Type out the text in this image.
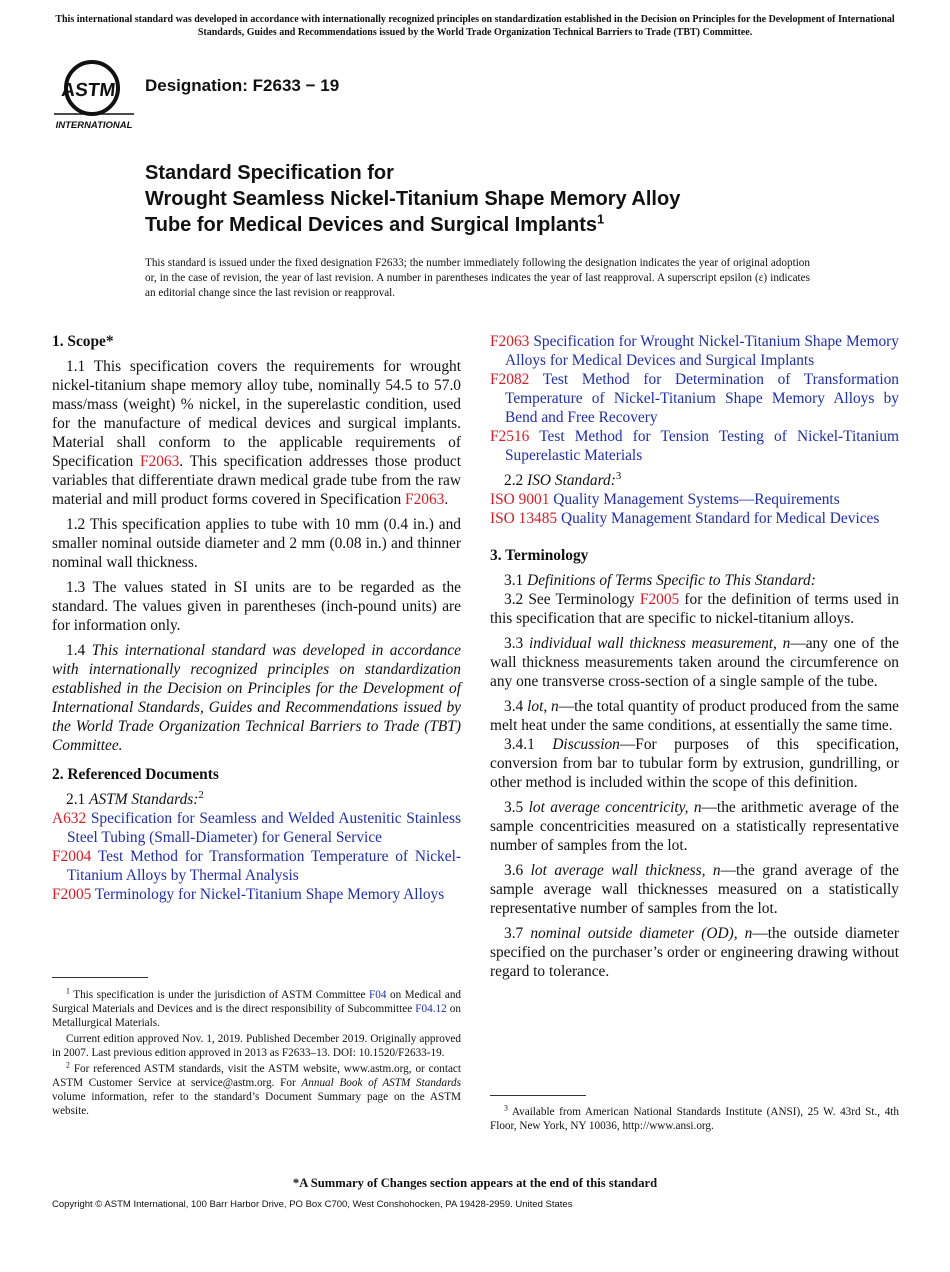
This international standard was developed in accordance with internationally recognized principles on standardization established in the Decision on Principles for the Development of International Standards, Guides and Recommendations issued by the World Trade Organization Technical Barriers to Trade (TBT) Committee.
ASTM
INTERNATIONAL
Designation: F2633 − 19
Standard Specification for
Wrought Seamless Nickel-Titanium Shape Memory Alloy
Tube for Medical Devices and Surgical Implants$^1$
This standard is issued under the fixed designation F2633; the number immediately following the designation indicates the year of original adoption or, in the case of revision, the year of last revision. A number in parentheses indicates the year of last reapproval. A superscript epsilon (ε) indicates an editorial change since the last revision or reapproval.
1. Scope*

1.1 This specification covers the requirements for wrought nickel-titanium shape memory alloy tube, nominally 54.5 to 57.0 mass/mass (weight) % nickel, in the superelastic condition, used for the manufacture of medical devices and surgical implants. Material shall conform to the applicable requirements of Specification F2063. This specification addresses those product variables that differentiate drawn medical grade tube from the raw material and mill product forms covered in Specification F2063.

1.2 This specification applies to tube with 10 mm (0.4 in.) and smaller nominal outside diameter and 2 mm (0.08 in.) and thinner nominal wall thickness.

1.3 The values stated in SI units are to be regarded as the standard. The values given in parentheses (inch-pound units) are for information only.

1.4 This international standard was developed in accordance with internationally recognized principles on standardization established in the Decision on Principles for the Development of International Standards, Guides and Recommendations issued by the World Trade Organization Technical Barriers to Trade (TBT) Committee.

2. Referenced Documents

2.1 ASTM Standards:$^2$

A632 Specification for Seamless and Welded Austenitic Stainless Steel Tubing (Small-Diameter) for General Service
F2004 Test Method for Transformation Temperature of Nickel-Titanium Alloys by Thermal Analysis
F2005 Terminology for Nickel-Titanium Shape Memory Alloys

$^1$ This specification is under the jurisdiction of ASTM Committee F04 on Medical and Surgical Materials and Devices and is the direct responsibility of Subcommittee F04.12 on Metallurgical Materials.

Current edition approved Nov. 1, 2019. Published December 2019. Originally approved in 2007. Last previous edition approved in 2013 as F2633–13. DOI: 10.1520/F2633-19.

$^2$ For referenced ASTM standards, visit the ASTM website, www.astm.org, or contact ASTM Customer Service at service@astm.org. For Annual Book of ASTM Standards volume information, refer to the standard’s Document Summary page on the ASTM website.

F2063 Specification for Wrought Nickel-Titanium Shape Memory Alloys for Medical Devices and Surgical Implants
F2082 Test Method for Determination of Transformation Temperature of Nickel-Titanium Shape Memory Alloys by Bend and Free Recovery
F2516 Test Method for Tension Testing of Nickel-Titanium Superelastic Materials

2.2 ISO Standard:$^3$

ISO 9001 Quality Management Systems—Requirements
ISO 13485 Quality Management Standard for Medical Devices
3. Terminology

3.1 Definitions of Terms Specific to This Standard:

3.2 See Terminology F2005 for the definition of terms used in this specification that are specific to nickel-titanium alloys.

3.3 individual wall thickness measurement, n—any one of the wall thickness measurements taken around the circumference on any one transverse cross-section of a single sample of the tube.

3.4 lot, n—the total quantity of product produced from the same melt heat under the same conditions, at essentially the same time.

3.4.1 Discussion—For purposes of this specification, conversion from bar to tubular form by extrusion, gundrilling, or other method is included within the scope of this definition.

3.5 lot average concentricity, n—the arithmetic average of the sample concentricities measured on a statistically representative number of samples from the lot.

3.6 lot average wall thickness, n—the grand average of the sample average wall thicknesses measured on a statistically representative number of samples from the lot.

3.7 nominal outside diameter (OD), n—the outside diameter specified on the purchaser’s order or engineering drawing without regard to tolerance.

$^3$ Available from American National Standards Institute (ANSI), 25 W. 43rd St., 4th Floor, New York, NY 10036, http://www.ansi.org.

*A Summary of Changes section appears at the end of this standard
Copyright © ASTM International, 100 Barr Harbor Drive, PO Box C700, West Conshohocken, PA 19428-2959. United States
